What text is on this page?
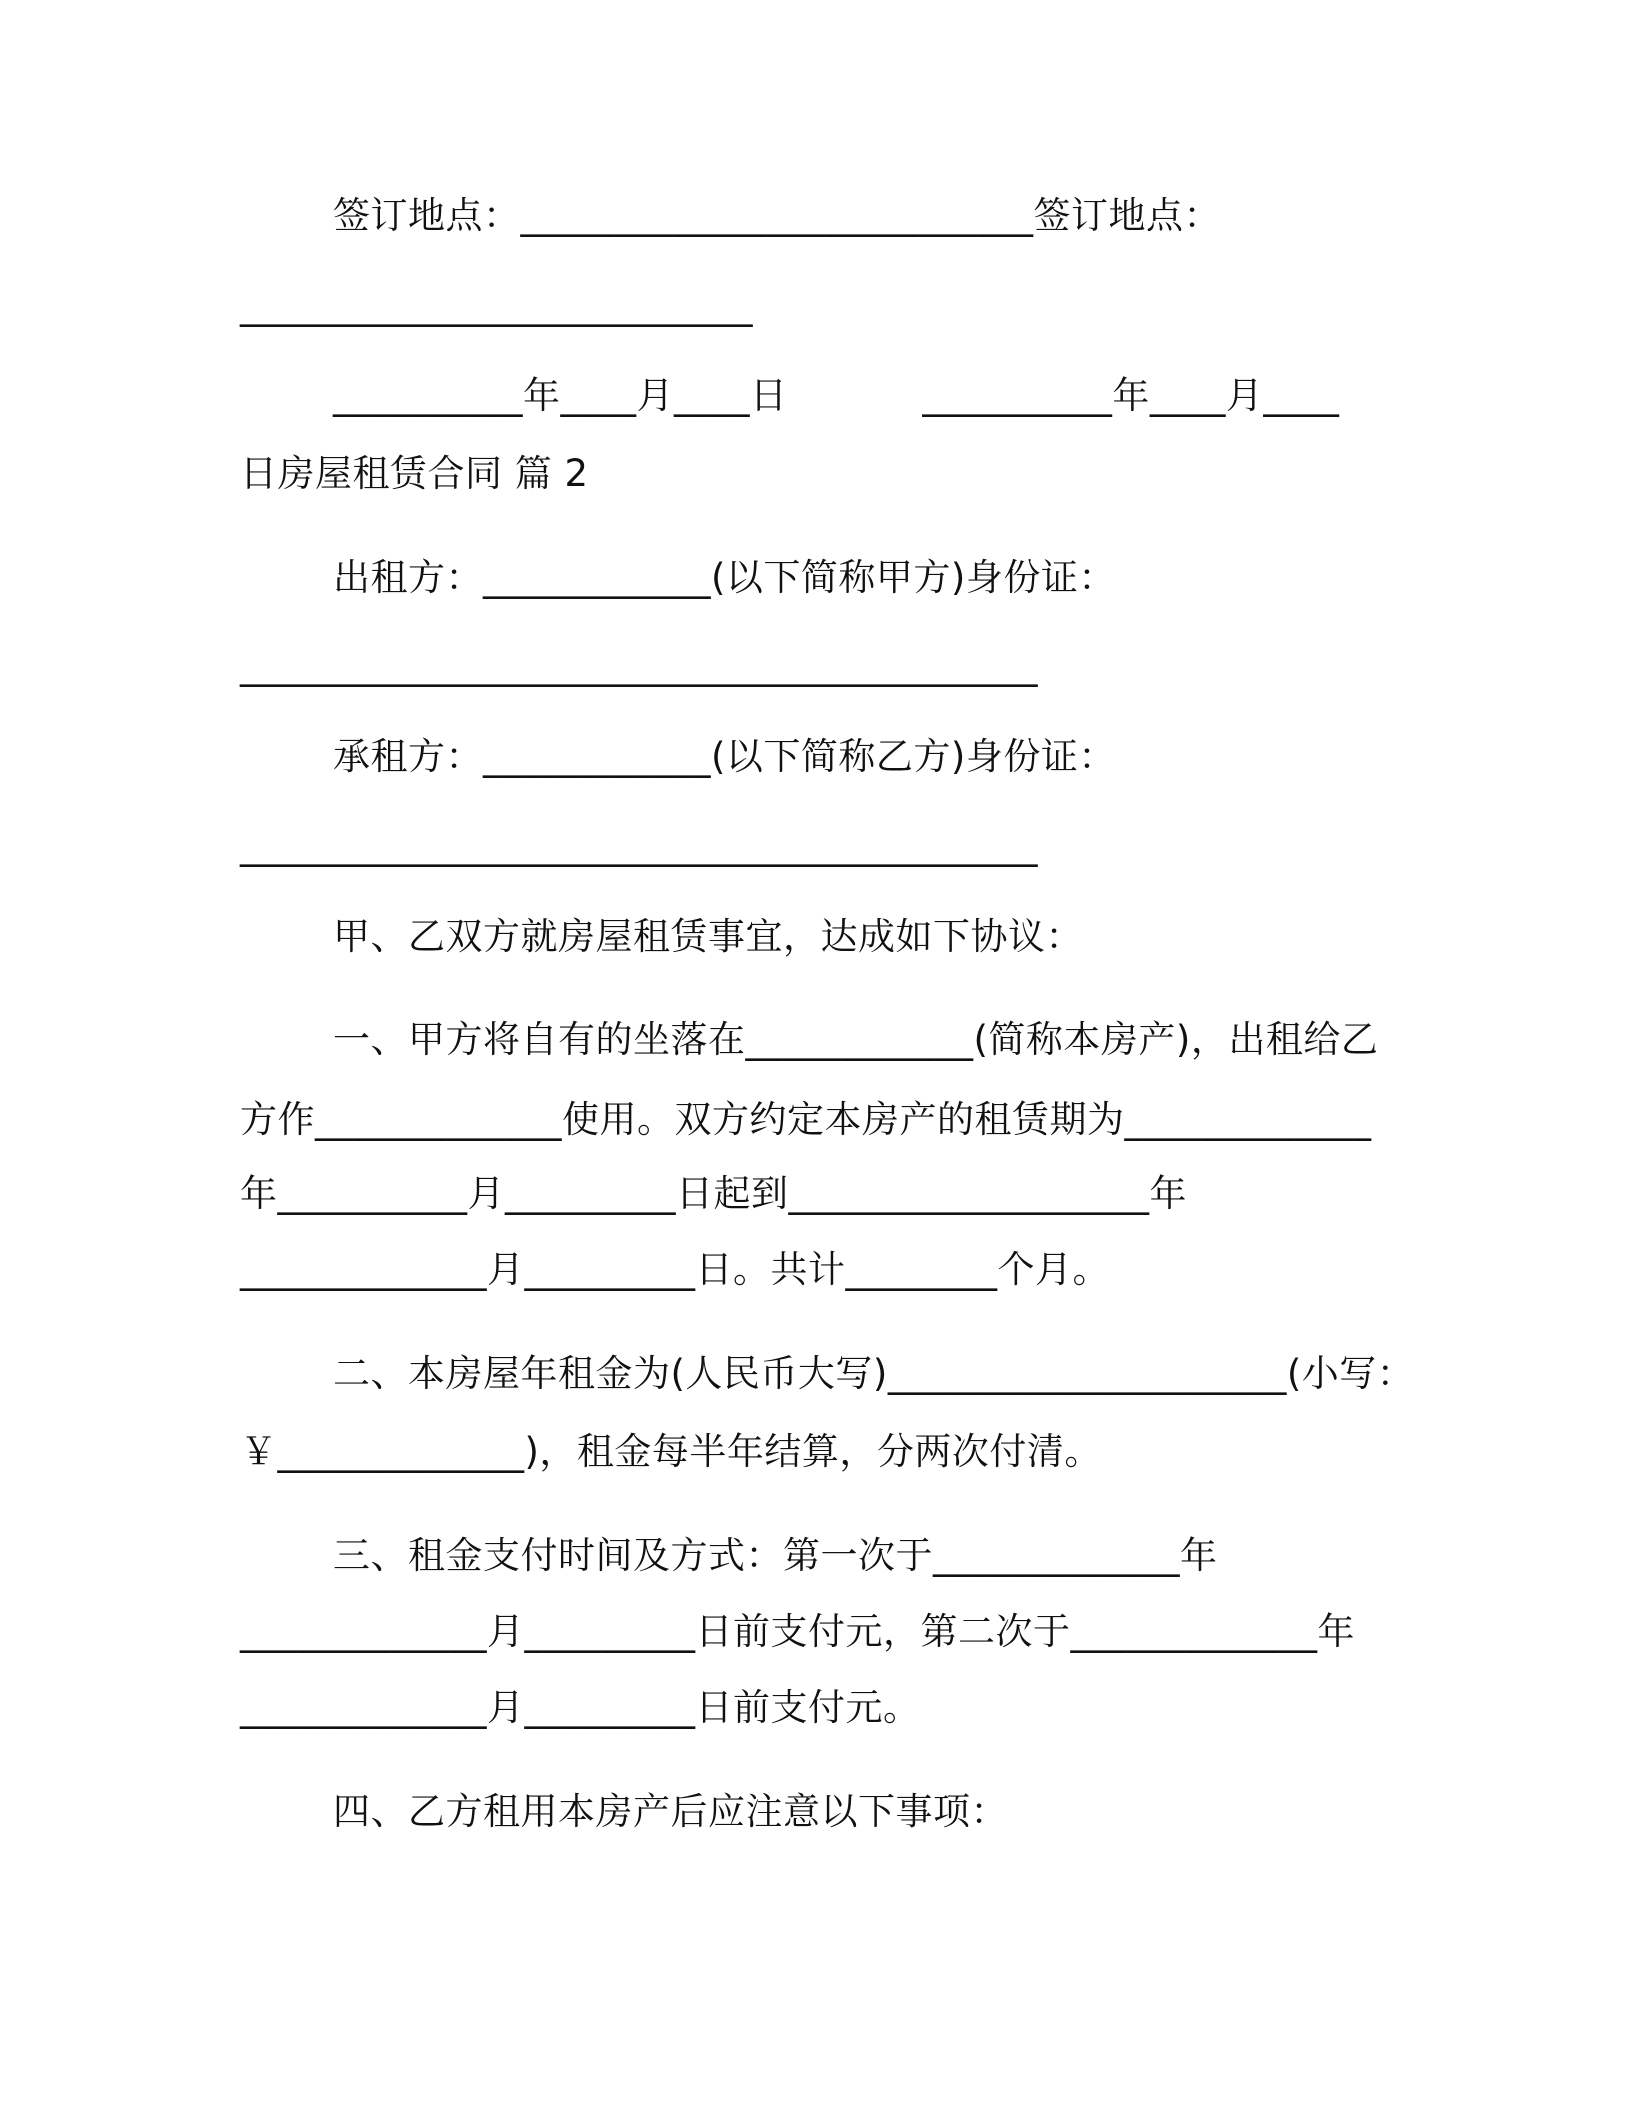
签订地点：___________________________签订地点：
___________________________
__________年____月____日           __________年____月____
日房屋租赁合同 篇 2
出租方：____________(以下简称甲方)身份证：
__________________________________________
承租方：____________(以下简称乙方)身份证：
__________________________________________
甲、乙双方就房屋租赁事宜，达成如下协议：
一、甲方将自有的坐落在____________(简称本房产)，出租给乙
方作_____________使用。双方约定本房产的租赁期为_____________
年__________月_________日起到___________________年
_____________月_________日。共计________个月。
二、本房屋年租金为(人民币大写)_____________________(小写：
￥_____________)，租金每半年结算，分两次付清。
三、租金支付时间及方式：第一次于_____________年
_____________月_________日前支付元，第二次于_____________年
_____________月_________日前支付元。
四、乙方租用本房产后应注意以下事项：
